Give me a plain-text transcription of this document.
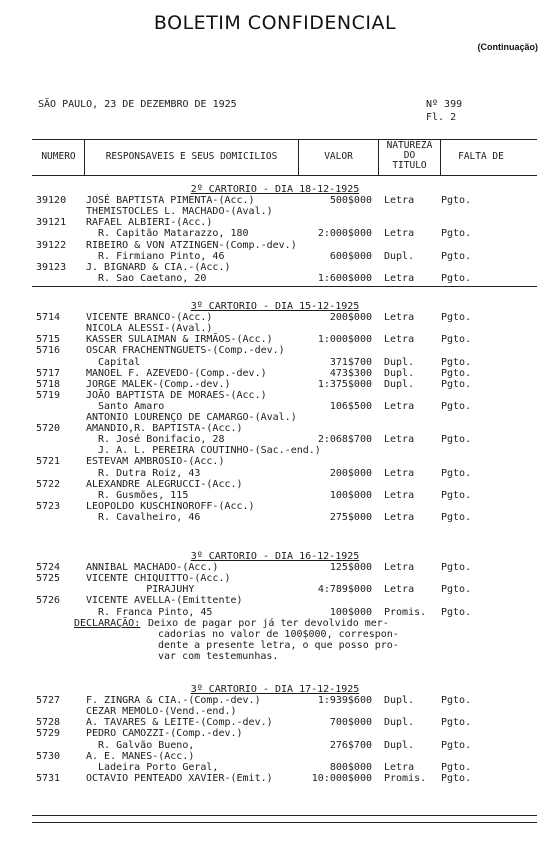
BOLETIM CONFIDENCIAL
(Continuação)
SÃO PAULO, 23 DE DEZEMBRO DE 1925	Nº 399
Fl. 2
NUMERO	RESPONSAVEIS E SEUS DOMICILIOS	VALOR
NATUREZA
DO
TITULO
FALTA DE
2º CARTORIO - DIA 18-12-1925
39120 JOSÉ BAPTISTA PIMENTA-(Acc.)	500$000 Letra	Pgto.
THEMISTOCLES L. MACHADO-(Aval.)
39121 RAFAEL ALBIERI-(Acc.)
R. Capitão Matarazzo, 180	2:000$000 Letra	Pgto.
39122 RIBEIRO & VON ATZINGEN-(Comp.-dev.)
R. Firmiano Pinto, 46	600$000 Dupl.	Pgto.
39123 J. BIGNARD & CIA.-(Acc.)
R. Sao Caetano, 20	1:600$000 Letra	Pgto.
3º CARTORIO - DIA 15-12-1925
5714	VICENTE BRANCO-(Acc.)	200$000 Letra	Pgto.
NICOLA ALESSI-(Aval.)
5715	KASSER SULAIMAN & IRMÃOS-(Acc.)	1:000$000 Letra	Pgto.
5716	OSCAR FRACHENTNGUETS-(Comp.-dev.)
Capital	371$700 Dupl.	Pgto.
5717	MANOEL F. AZEVEDO-(Comp.-dev.)	473$300 Dupl.	Pgto.
5718	JORGE MALEK-(Comp.-dev.)	1:375$000 Dupl.	Pgto.
5719	JOÃO BAPTISTA DE MORAES-(Acc.)
Santo Amaro	106$500 Letra	Pgto.
ANTONIO LOURENÇO DE CAMARGO-(Aval.)
5720	AMANDIO,R. BAPTISTA-(Acc.)
R. José Bonifacio, 28	2:068$700 Letra	Pgto.
J. A. L. PEREIRA COUTINHO-(Sac.-end.)
5721	ESTEVAM AMBROSIO-(Acc.)
R. Dutra Roiz, 43	200$000 Letra	Pgto.
5722	ALEXANDRE ALEGRUCCI-(Acc.)
R. Gusmões, 115	100$000 Letra	Pgto.
5723	LEOPOLDO KUSCHINOROFF-(Acc.)
R. Cavalheiro, 46	275$000 Letra	Pgto.
3º CARTORIO - DIA 16-12-1925
5724	ANNIBAL MACHADO-(Acc.)	125$000 Letra	Pgto.
5725	VICENTE CHIQUITTO-(Acc.)
PIRAJUHY	4:789$000 Letra	Pgto.
5726	VICENTE AVELLA-(Emittente)
R. Franca Pinto, 45	100$000 Promis. Pgto.
DECLARAÇÃO: Deixo de pagar por já ter devolvido mer-
cadorias no valor de 100$000, correspon-
dente a presente letra, o que posso pro-
var com testemunhas.
3º CARTORIO - DIA 17-12-1925
5727	F. ZINGRA & CIA.-(Comp.-dev.)	1:939$600 Dupl.	Pgto.
CEZAR MEMOLO-(Vend.-end.)
5728	A. TAVARES & LEITE-(Comp.-dev.)	700$000 Dupl.	Pgto.
5729	PEDRO CAMOZZI-(Comp.-dev.)
R. Galvão Bueno,	276$700 Dupl.	Pgto.
5730	A. E. MANES-(Acc.)
Ladeira Porto Geral,	800$000 Letra	Pgto.
5731	OCTAVIO PENTEADO XAVIER-(Emit.)	10:000$000 Promis. Pgto.
